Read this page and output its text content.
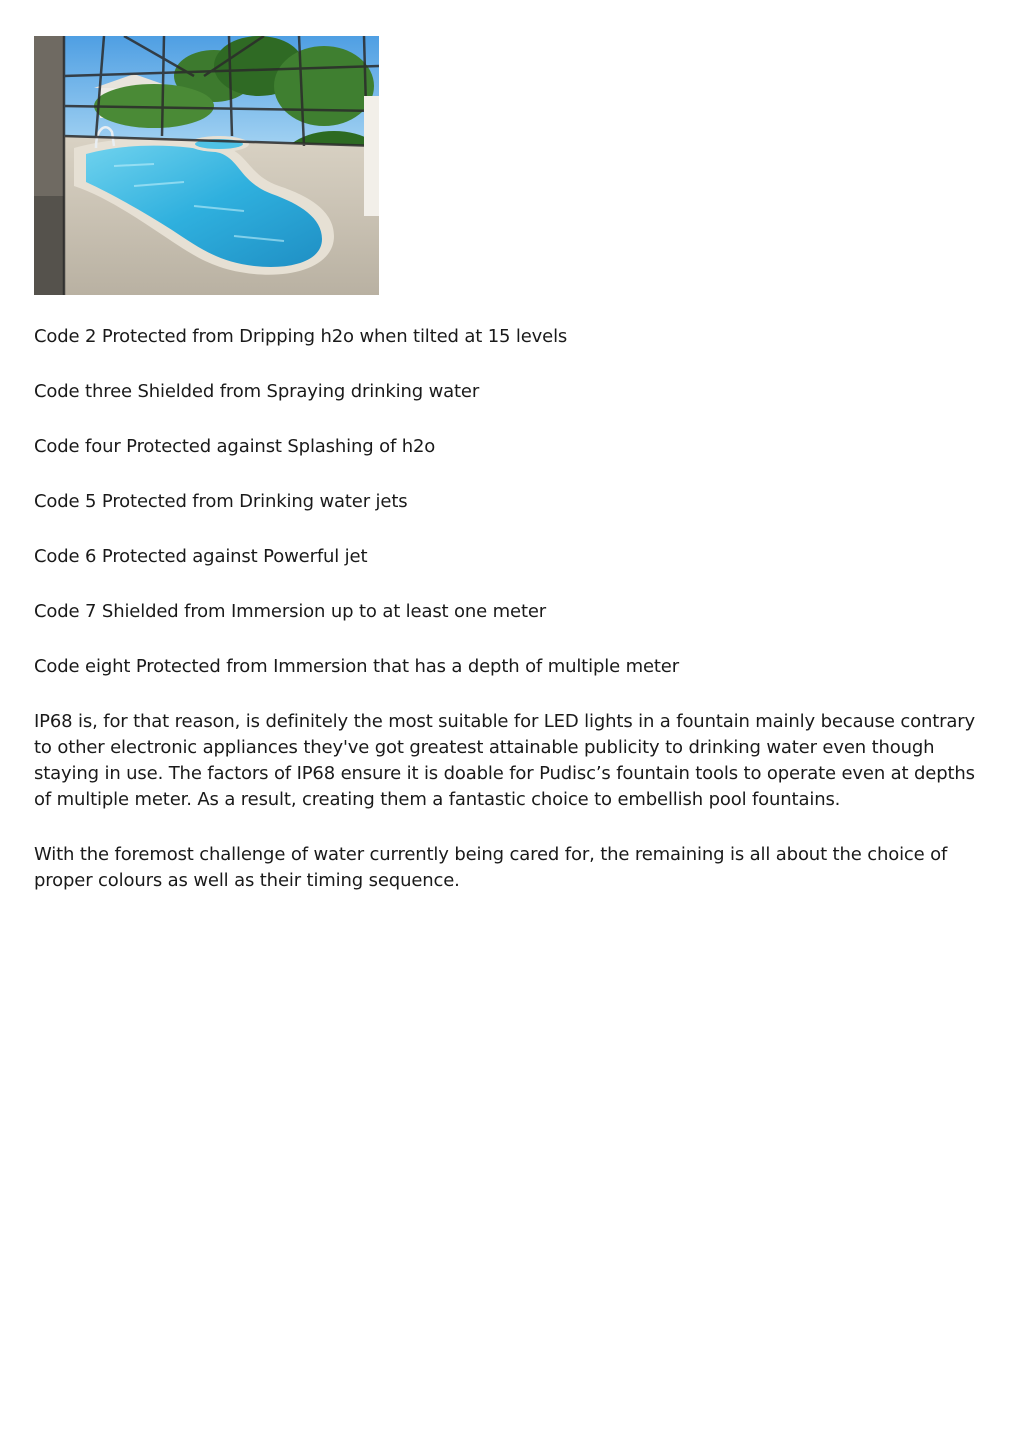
Code 2 Protected from Dripping h2o when tilted at 15 levels

Code three Shielded from Spraying drinking water

Code four Protected against Splashing of h2o

Code 5 Protected from Drinking water jets

Code 6 Protected against Powerful jet

Code 7 Shielded from Immersion up to at least one meter

Code eight Protected from Immersion that has a depth of multiple meter

IP68 is, for that reason, is definitely the most suitable for LED lights in a fountain mainly because contrary to other electronic appliances they've got greatest attainable publicity to drinking water even though staying in use. The factors of IP68 ensure it is doable for Pudisc’s fountain tools to operate even at depths of multiple meter. As a result, creating them a fantastic choice to embellish pool fountains.

With the foremost challenge of water currently being cared for, the remaining is all about the choice of proper colours as well as their timing sequence.
